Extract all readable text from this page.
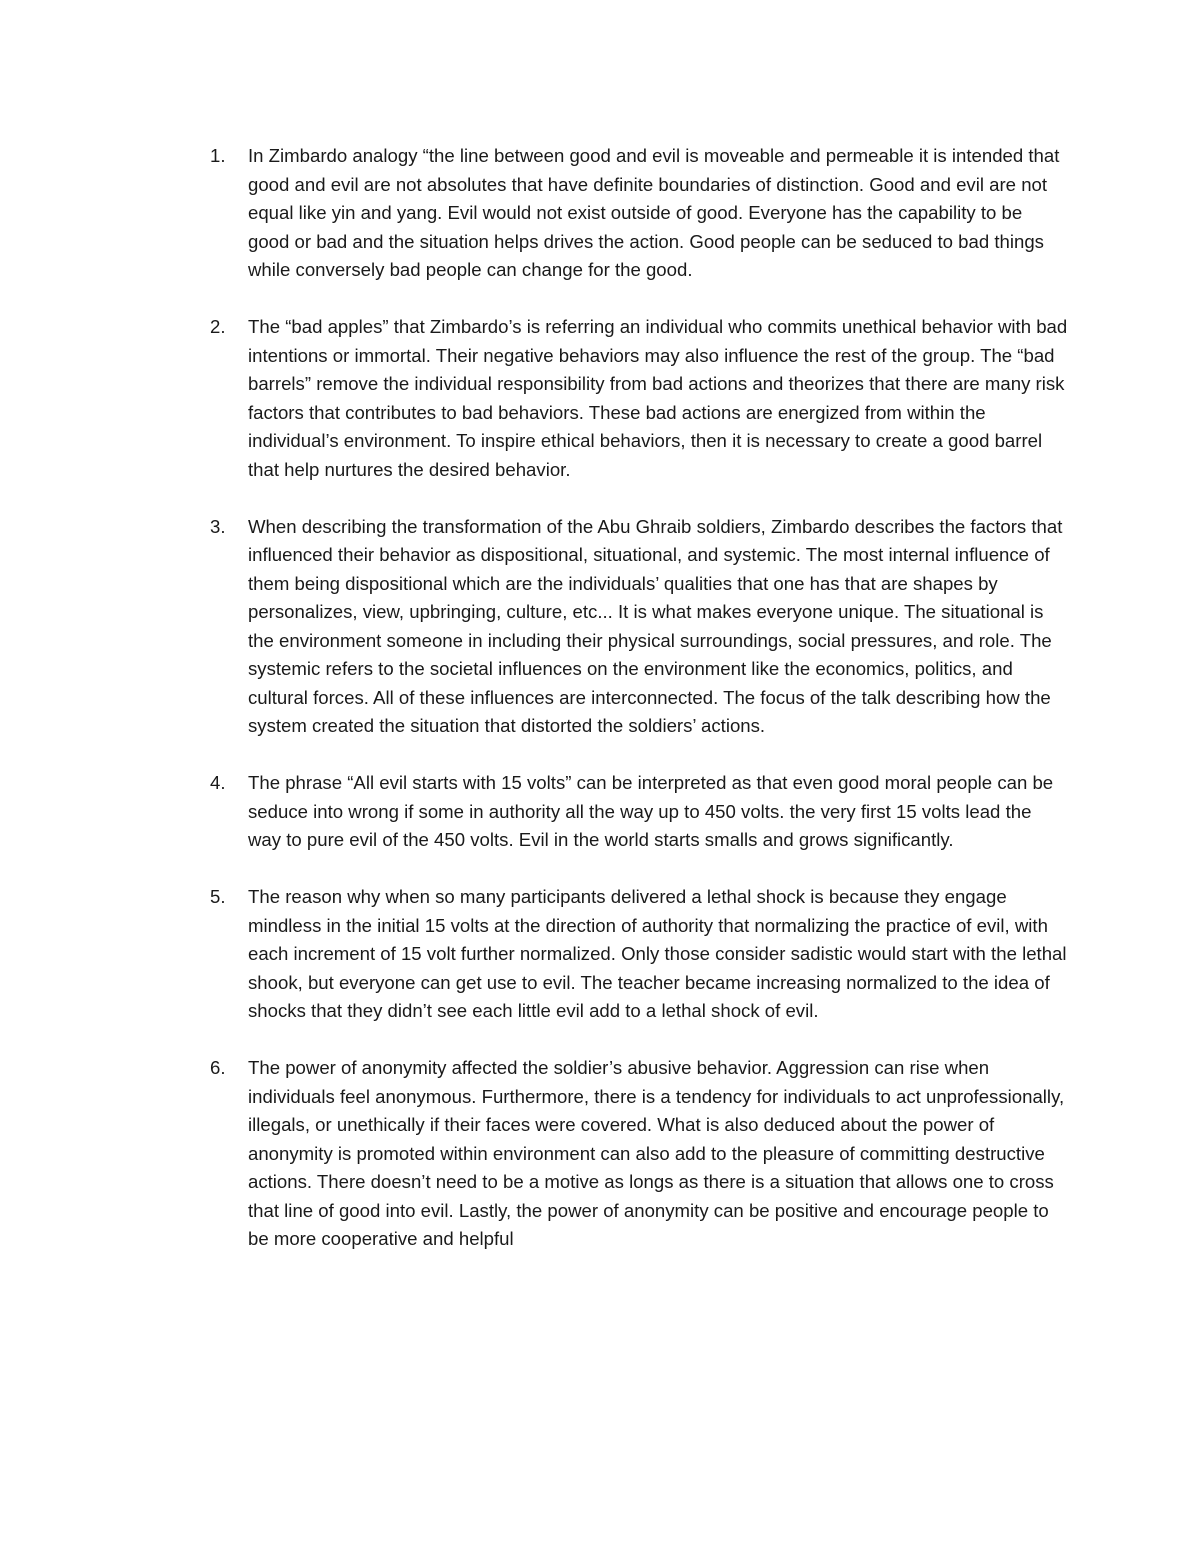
1.	In Zimbardo analogy “the line between good and evil is moveable and permeable it is intended that good and evil are not absolutes that have definite boundaries of distinction. Good and evil are not equal like yin and yang. Evil would not exist outside of good. Everyone has the capability to be good or bad and the situation helps drives the action. Good people can be seduced to bad things while conversely bad people can change for the good.
2.	The “bad apples” that Zimbardo’s is referring an individual who commits unethical behavior with bad intentions or immortal. Their negative behaviors may also influence the rest of the group. The “bad barrels” remove the individual responsibility from bad actions and theorizes that there are many risk factors that contributes to bad behaviors. These bad actions are energized from within the individual’s environment. To inspire ethical behaviors, then it is necessary to create a good barrel that help nurtures the desired behavior.
3.	When describing the transformation of the Abu Ghraib soldiers, Zimbardo describes the factors that influenced their behavior as dispositional, situational, and systemic. The most internal influence of them being dispositional which are the individuals’ qualities that one has that are shapes by personalizes, view, upbringing, culture, etc... It is what makes everyone unique. The situational is the environment someone in including their physical surroundings, social pressures, and role. The systemic refers to the societal influences on the environment like the economics, politics, and cultural forces. All of these influences are interconnected. The focus of the talk describing how the system created the situation that distorted the soldiers’ actions.
4.	The phrase “All evil starts with 15 volts” can be interpreted as that even good moral people can be seduce into wrong if some in authority all the way up to 450 volts. the very first 15 volts lead the way to pure evil of the 450 volts. Evil in the world starts smalls and grows significantly.
5.	The reason why when so many participants delivered a lethal shock is because they engage mindless in the initial 15 volts at the direction of authority that normalizing the practice of evil, with each increment of 15 volt further normalized. Only those consider sadistic would start with the lethal shook, but everyone can get use to evil. The teacher became increasing normalized to the idea of shocks that they didn’t see each little evil add to a lethal shock of evil.
6.	The power of anonymity affected the soldier’s abusive behavior. Aggression can rise when individuals feel anonymous. Furthermore, there is a tendency for individuals to act unprofessionally, illegals, or unethically if their faces were covered. What is also deduced about the power of anonymity is promoted within environment can also add to the pleasure of committing destructive actions. There doesn’t need to be a motive as longs as there is a situation that allows one to cross that line of good into evil. Lastly, the power of anonymity can be positive and encourage people to be more cooperative and helpful
